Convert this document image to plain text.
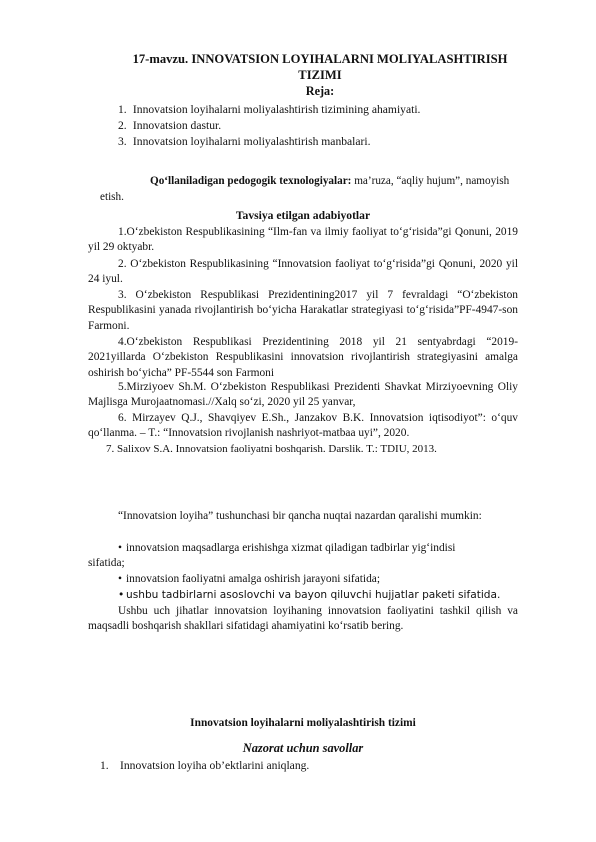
17-mavzu. INNOVATSION LOYIHALARNI MOLIYALASHTIRISH
TIZIMI
Reja:
1. Innovatsion loyihalarni moliyalashtirish tizimining ahamiyati.
2. Innovatsion dastur.
3. Innovatsion loyihalarni moliyalashtirish manbalari.
Qo‘llaniladigan pedogogik texnologiyalar: ma’ruza, “aqliy hujum”, namoyish
etish.
Tavsiya etilgan adabiyotlar
1.O‘zbekiston Respublikasining “Ilm-fan va ilmiy faoliyat to‘g‘risida”gi Qonuni, 2019 yil 29 oktyabr.
2. O‘zbekiston Respublikasining “Innovatsion faoliyat to‘g‘risida”gi Qonuni, 2020 yil 24 iyul.
3. O‘zbekiston Respublikasi Prezidentining2017 yil 7 fevraldagi “O‘zbekiston Respublikasini yanada rivojlantirish bo‘yicha Harakatlar strategiyasi to‘g‘risida”PF-4947-son Farmoni.
4.O‘zbekiston Respublikasi Prezidentining 2018 yil 21 sentyabrdagi “2019-2021yillarda O‘zbekiston Respublikasini innovatsion rivojlantirish strategiyasini amalga oshirish bo‘yicha” PF-5544 son Farmoni
5.Mirziyoev Sh.M. O‘zbekiston Respublikasi Prezidenti Shavkat Mirziyoevning Oliy Majlisga Murojaatnomasi.//Xalq so‘zi, 2020 yil 25 yanvar,
6. Mirzayev Q.J., Shavqiyev E.Sh., Janzakov B.K. Innovatsion iqtisodiyot”: o‘quv qo‘llanma. – T.: “Innovatsion rivojlanish nashriyot-matbaa uyi”, 2020.
7. Salixov S.A. Innovatsion faoliyatni boshqarish. Darslik. T.: TDIU, 2013.
“Innovatsion loyiha” tushunchasi bir qancha nuqtai nazardan qaralishi mumkin:
• innovatsion maqsadlarga erishishga xizmat qiladigan tadbirlar yig‘indisi
sifatida;
• innovatsion faoliyatni amalga oshirish jarayoni sifatida;
• ushbu tadbirlarni asoslovchi va bayon qiluvchi hujjatlar paketi sifatida.
Ushbu uch jihatlar innovatsion loyihaning innovatsion faoliyatini tashkil qilish va maqsadli boshqarish shakllari sifatidagi ahamiyatini ko‘rsatib bering.
Innovatsion loyihalarni moliyalashtirish tizimi
Nazorat uchun savollar
1. Innovatsion loyiha ob’ektlarini aniqlang.
